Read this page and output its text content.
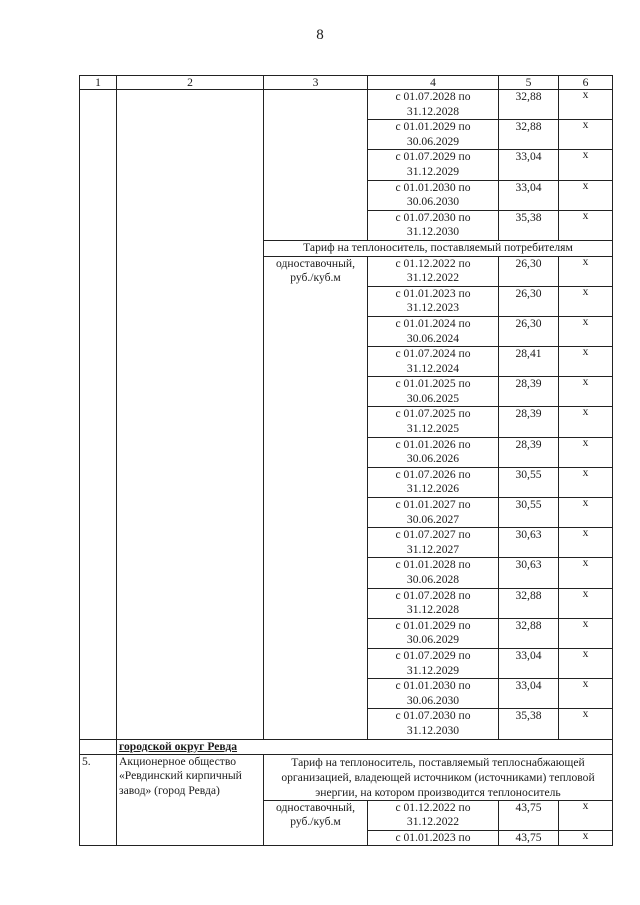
8
1	2	3	4	5	6
			с 01.07.2028 по 31.12.2028	32,88	х
			с 01.01.2029 по 30.06.2029	32,88	х
			с 01.07.2029 по 31.12.2029	33,04	х
			с 01.01.2030 по 30.06.2030	33,04	х
			с 01.07.2030 по 31.12.2030	35,38	х
		Тариф на теплоноситель, поставляемый потребителям			
		одноставочный, руб./куб.м	с 01.12.2022 по 31.12.2022	26,30	х
			с 01.01.2023 по 31.12.2023	26,30	х
			с 01.01.2024 по 30.06.2024	26,30	х
			с 01.07.2024 по 31.12.2024	28,41	х
			с 01.01.2025 по 30.06.2025	28,39	х
			с 01.07.2025 по 31.12.2025	28,39	х
			с 01.01.2026 по 30.06.2026	28,39	х
			с 01.07.2026 по 31.12.2026	30,55	х
			с 01.01.2027 по 30.06.2027	30,55	х
			с 01.07.2027 по 31.12.2027	30,63	х
			с 01.01.2028 по 30.06.2028	30,63	х
			с 01.07.2028 по 31.12.2028	32,88	х
			с 01.01.2029 по 30.06.2029	32,88	х
			с 01.07.2029 по 31.12.2029	33,04	х
			с 01.01.2030 по 30.06.2030	33,04	х
			с 01.07.2030 по 31.12.2030	35,38	х
	городской округ Ревда				
5.	Акционерное общество «Ревдинский кирпичный завод» (город Ревда)	Тариф на теплоноситель, поставляемый теплоснабжающей организацией, владеющей источником (источниками) тепловой энергии, на котором производится теплоноситель			
		одноставочный, руб./куб.м	с 01.12.2022 по 31.12.2022	43,75	х
			с 01.01.2023 по	43,75	х
